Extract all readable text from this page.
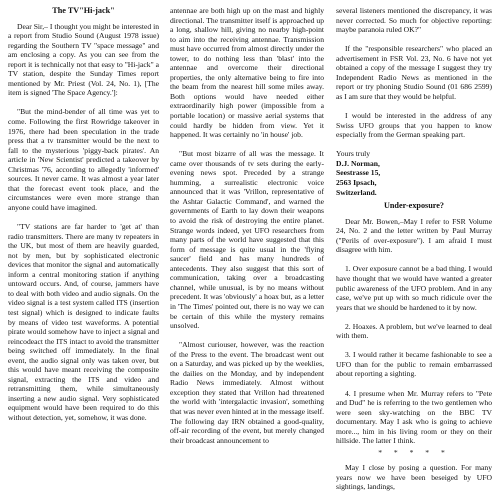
The TV"Hi-jack"

Dear Sir,– I thought you might be interested in a report from Studio Sound (August 1978 issue) regarding the Southern TV "space message" and am enclosing a copy. As you can see from the report it is technically not that easy to "Hi-jack" a TV station, despite the Sunday Times report mentioned by Mr. Priest (Vol. 24, No. 1), [The item is signed 'The Space Agency.']:

"But the mind-bender of all time was yet to come. Following the first Rowridge takeover in 1976, there had been speculation in the trade press that a tv transmitter would be the next to fall to the mysterious 'piggy-back pirates'. An article in 'New Scientist' predicted a takeover by Christmas '76, according to allegedly 'informed' sources. It never came. It was almost a year later that the forecast event took place, and the circumstances were even more strange than anyone could have imagined.

"TV stations are far harder to 'get at' than radio transmitters. There are many tv repeaters in the UK, but most of them are heavily guarded, not by men, but by sophisticated electronic devices that monitor the signal and automatically inform a central monitoring station if anything untoward occurs. And, of course, jammers have to deal with both video and audio signals. On the video signal is a test system called ITS (insertion test signal) which is designed to indicate faults by means of video test waveforms. A potential pirate would somehow have to inject a signal and reincodeact the ITS intact to avoid the transmitter being switched off immediately. In the final event, the audio signal only was taken over, but this would have meant receiving the composite signal, extracting the ITS and video and retransmitting them, while simultaneously inserting a new audio signal. Very sophisticated equipment would have been required to do this without detection, yet, somehow, it was done.

antennae are both high up on the mast and highly directional. The transmitter itself is approached up a long, shallow hill, giving no nearby high-point to aim into the receiving antennae. Transmission must have occurred from almost directly under the tower, to do nothing less than 'blast' into the antennae and overcome their directional properties, the only alternative being to fire into the beam from the nearest hill some miles away. Both options would have needed either extraordinarily high power (impossible from a portable location) or massive aerial systems that could hardly be hidden from view. Yet it happened. It was certainly no 'in house' job.

"But most bizarre of all was the message. It came over thousands of tv sets during the early-evening news spot. Preceded by a strange humming, a surrealistic electronic voice announced that it was 'Vrillon, representative of the Ashtar Galactic Command', and warned the governments of Earth to lay down their weapons to avoid the risk of destroying the entire planet. Strange words indeed, yet UFO researchers from many parts of the world have suggested that this form of message is quite usual in the 'flying saucer' field and has many hundreds of antecedents. They also suggest that this sort of communication, taking over a broadcasting channel, while unusual, is by no means without precedent. It was 'obviously' a hoax but, as a letter in 'The Times' pointed out, there is no way we can be certain of this while the mystery remains unsolved.

"Almost curiouser, however, was the reaction of the Press to the event. The broadcast went out on a Saturday, and was picked up by the weeklies, the dailies on the Monday, and by independent Radio News immediately. Almost without exception they stated that Vrillon had threatened the world with 'intergalactic invasion', something that was never even hinted at in the message itself. The following day IRN obtained a good-quality, off-air recording of the event, but merely changed their broadcast announcement to

several listeners mentioned the discrepancy, it was never corrected. So much for objective reporting: maybe paranoia ruled OK?"

If the "responsible researchers" who placed an advertisement in FSR Vol. 23, No. 6 have not yet obtained a copy of the message I suggest they try Independent Radio News as mentioned in the report or try phoning Studio Sound (01 686 2599) as I am sure that they would be helpful.

I would be interested in the address of any Swiss UFO groups that you happen to know especially from the German speaking part.

Yours truly
D.J. Norman,
Seestrasse 15,
2563 Ipsach,
Switzerland.
Under-exposure?

Dear Mr. Bowen,–May I refer to FSR Volume 24, No. 2 and the letter written by Paul Murray ("Perils of over-exposure"). I am afraid I must disagree with him.

1. Over exposure cannot be a bad thing. I would have thought that we would have wanted a greater public awareness of the UFO problem. And in any case, we've put up with so much ridicule over the years that we should be hardened to it by now.

2. Hoaxes. A problem, but we've learned to deal with them.

3. I would rather it became fashionable to see a UFO than for the public to remain embarrassed about reporting a sighting.

4. I presume when Mr. Murray refers to "Pete and Dud" he is referring to the two gentlemen who were seen sky-watching on the BBC TV documentary. May I ask who is going to achieve more..., him in his living room or they on their hillside. The latter I think.

* * * * *

May I close by posing a question. For many years now we have been beseiged by UFO sightings, landings,
